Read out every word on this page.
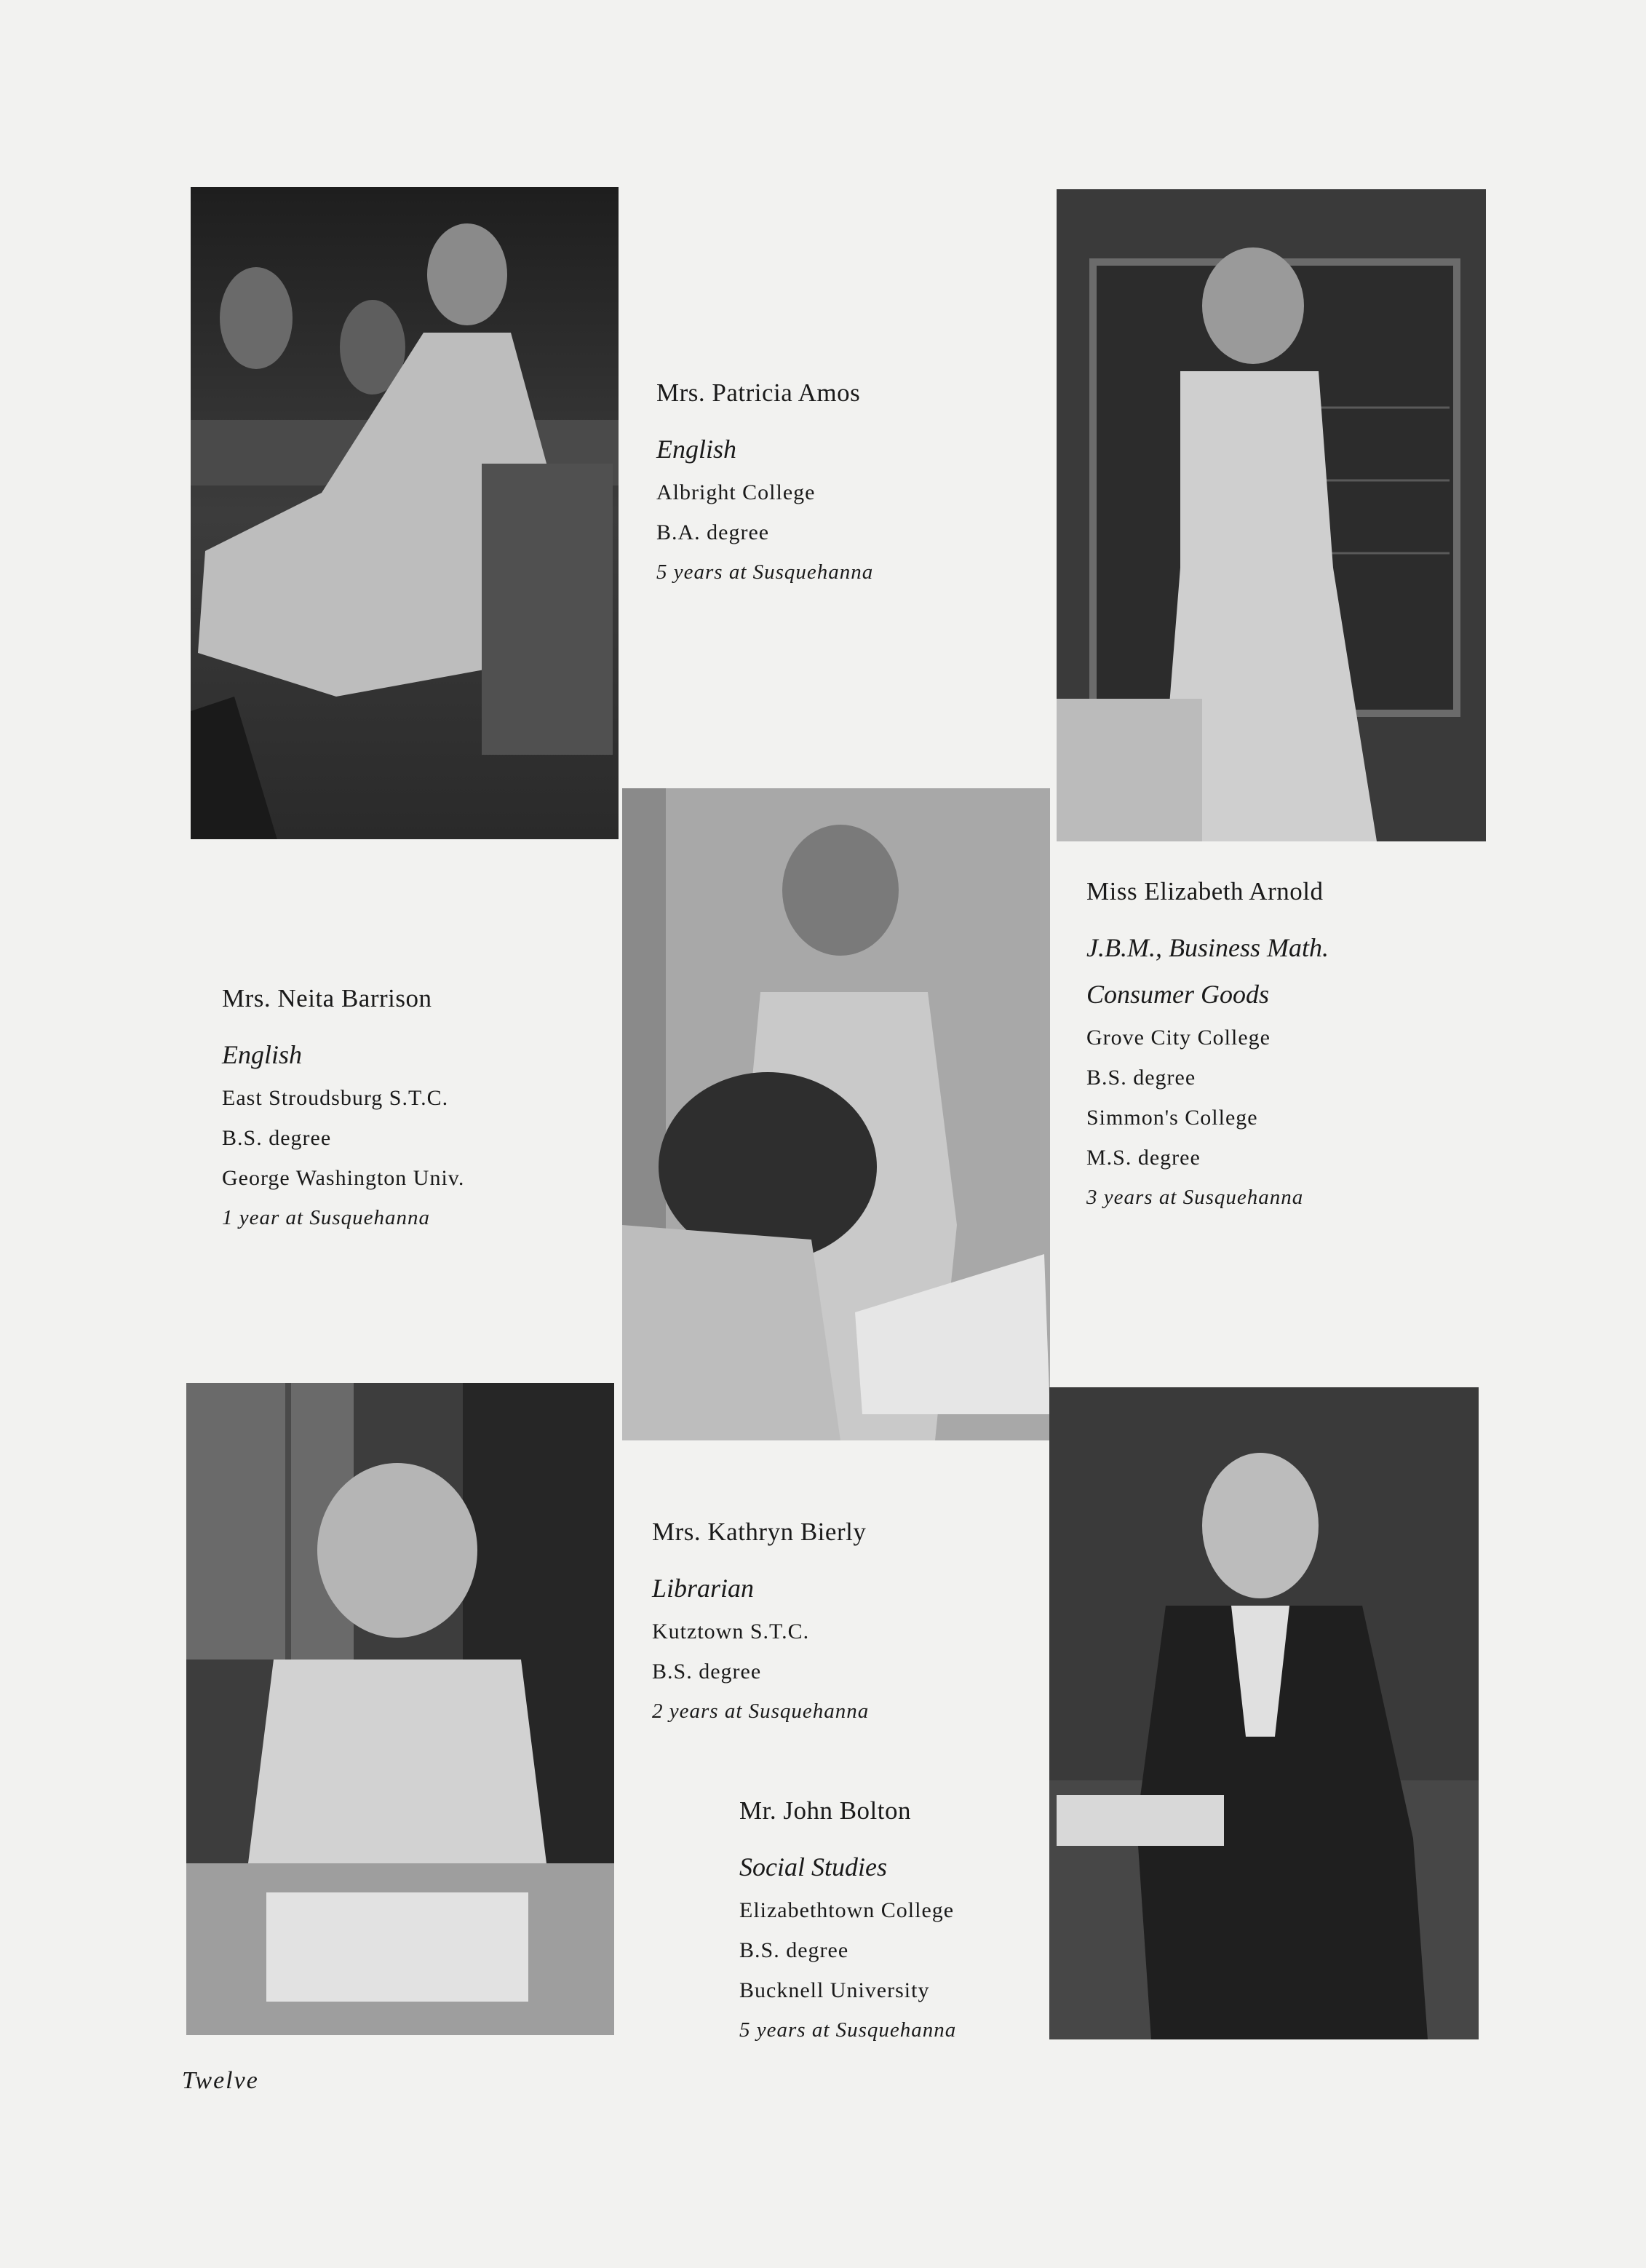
Mrs. Patricia Amos
English
Albright College
B.A. degree
5 years at Susquehanna
Miss Elizabeth Arnold
J.B.M., Business Math.
Consumer Goods
Grove City College
B.S. degree
Simmon's College
M.S. degree
3 years at Susquehanna
Mrs. Neita Barrison
English
East Stroudsburg S.T.C.
B.S. degree
George Washington Univ.
1 year at Susquehanna
Mrs. Kathryn Bierly
Librarian
Kutztown S.T.C.
B.S. degree
2 years at Susquehanna
Mr. John Bolton
Social Studies
Elizabethtown College
B.S. degree
Bucknell University
5 years at Susquehanna
Twelve
